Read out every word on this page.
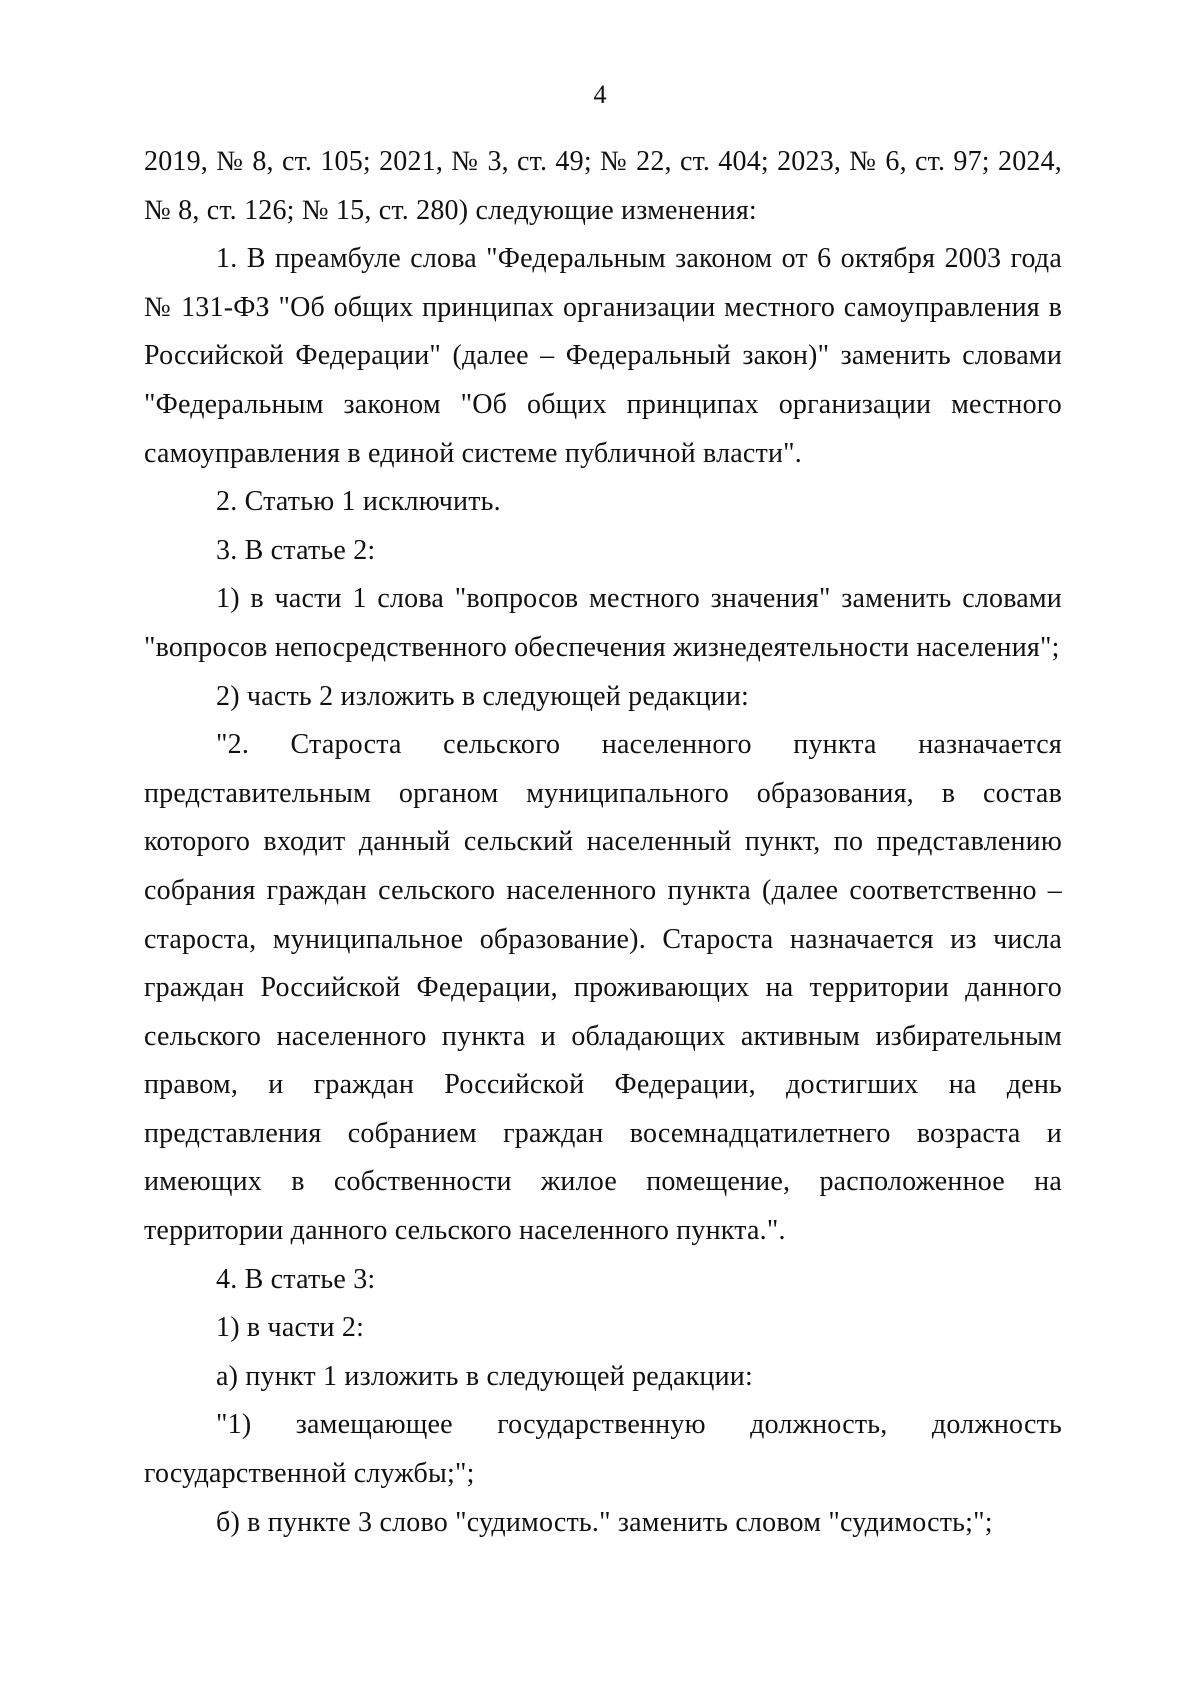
4

2019, № 8, ст. 105; 2021, № 3, ст. 49; № 22, ст. 404; 2023, № 6, ст. 97; 2024, № 8, ст. 126; № 15, ст. 280) следующие изменения:

1. В преамбуле слова "Федеральным законом от 6 октября 2003 года № 131-ФЗ "Об общих принципах организации местного самоуправления в Российской Федерации" (далее – Федеральный закон)" заменить словами "Федеральным законом "Об общих принципах организации местного самоуправления в единой системе публичной власти".

2. Статью 1 исключить.

3. В статье 2:

1) в части 1 слова "вопросов местного значения" заменить словами "вопросов непосредственного обеспечения жизнедеятельности населения";

2) часть 2 изложить в следующей редакции:

"2. Староста сельского населенного пункта назначается представительным органом муниципального образования, в состав которого входит данный сельский населенный пункт, по представлению собрания граждан сельского населенного пункта (далее соответственно – староста, муниципальное образование). Староста назначается из числа граждан Российской Федерации, проживающих на территории данного сельского населенного пункта и обладающих активным избирательным правом, и граждан Российской Федерации, достигших на день представления собранием граждан восемнадцатилетнего возраста и имеющих в собственности жилое помещение, расположенное на территории данного сельского населенного пункта.".

4. В статье 3:

1) в части 2:

а) пункт 1 изложить в следующей редакции:

"1) замещающее государственную должность, должность государственной службы;";

б) в пункте 3 слово "судимость." заменить словом "судимость;";
